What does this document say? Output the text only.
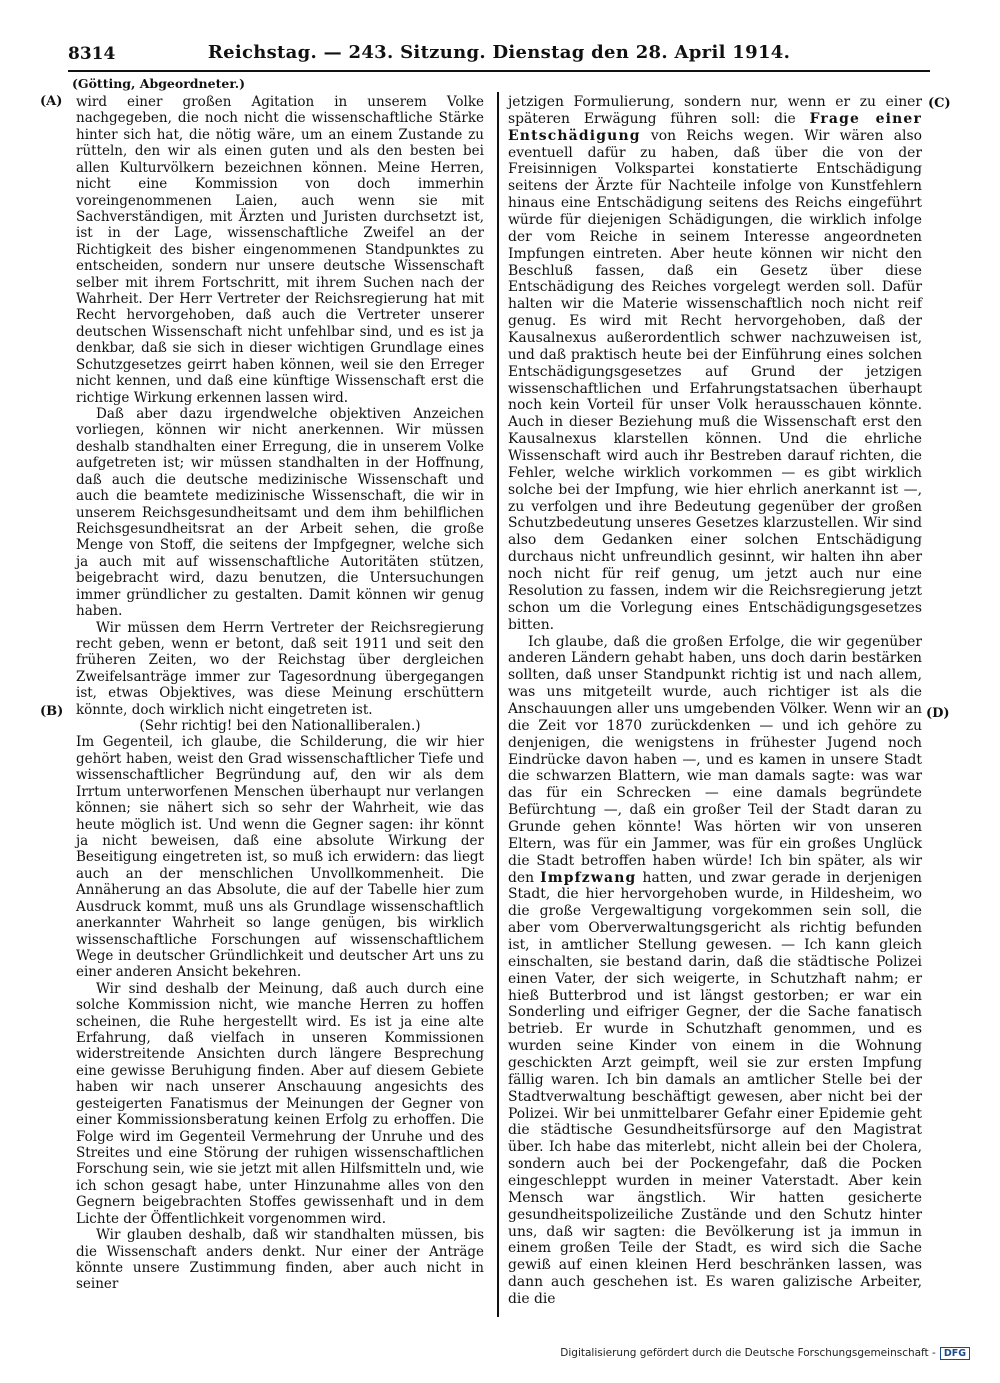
8314	Reichstag. — 243. Sitzung. Dienstag den 28. April 1914.
(Götting, Abgeordneter.)
(A)
(B)
(C)
(D)

wird einer großen Agitation in unserem Volke nachgegeben, die noch nicht die wissenschaftliche Stärke hinter sich hat, die nötig wäre, um an einem Zustande zu rütteln, den wir als einen guten und als den besten bei allen Kulturvölkern bezeichnen können. Meine Herren, nicht eine Kommission von doch immerhin voreingenommenen Laien, auch wenn sie mit Sachverständigen, mit Ärzten und Juristen durchsetzt ist, ist in der Lage, wissenschaftliche Zweifel an der Richtigkeit des bisher eingenommenen Standpunktes zu entscheiden, sondern nur unsere deutsche Wissenschaft selber mit ihrem Fortschritt, mit ihrem Suchen nach der Wahrheit. Der Herr Vertreter der Reichsregierung hat mit Recht hervorgehoben, daß auch die Vertreter unserer deutschen Wissenschaft nicht unfehlbar sind, und es ist ja denkbar, daß sie sich in dieser wichtigen Grundlage eines Schutzgesetzes geirrt haben können, weil sie den Erreger nicht kennen, und daß eine künftige Wissenschaft erst die richtige Wirkung erkennen lassen wird.

Daß aber dazu irgendwelche objektiven Anzeichen vorliegen, können wir nicht anerkennen. Wir müssen deshalb standhalten einer Erregung, die in unserem Volke aufgetreten ist; wir müssen standhalten in der Hoffnung, daß auch die deutsche medizinische Wissenschaft und auch die beamtete medizinische Wissenschaft, die wir in unserem Reichsgesundheitsamt und dem ihm behilflichen Reichsgesundheitsrat an der Arbeit sehen, die große Menge von Stoff, die seitens der Impfgegner, welche sich ja auch mit auf wissenschaftliche Autoritäten stützen, beigebracht wird, dazu benutzen, die Untersuchungen immer gründlicher zu gestalten. Damit können wir genug haben.

Wir müssen dem Herrn Vertreter der Reichsregierung recht geben, wenn er betont, daß seit 1911 und seit den früheren Zeiten, wo der Reichstag über dergleichen Zweifelsanträge immer zur Tagesordnung übergegangen ist, etwas Objektives, was diese Meinung erschüttern könnte, doch wirklich nicht eingetreten ist.

(Sehr richtig! bei den Nationalliberalen.)

Im Gegenteil, ich glaube, die Schilderung, die wir hier gehört haben, weist den Grad wissenschaftlicher Tiefe und wissenschaftlicher Begründung auf, den wir als dem Irrtum unterworfenen Menschen überhaupt nur verlangen können; sie nähert sich so sehr der Wahrheit, wie das heute möglich ist. Und wenn die Gegner sagen: ihr könnt ja nicht beweisen, daß eine absolute Wirkung der Beseitigung eingetreten ist, so muß ich erwidern: das liegt auch an der menschlichen Unvollkommenheit. Die Annäherung an das Absolute, die auf der Tabelle hier zum Ausdruck kommt, muß uns als Grundlage wissenschaftlich anerkannter Wahrheit so lange genügen, bis wirklich wissenschaftliche Forschungen auf wissenschaftlichem Wege in deutscher Gründlichkeit und deutscher Art uns zu einer anderen Ansicht bekehren.

Wir sind deshalb der Meinung, daß auch durch eine solche Kommission nicht, wie manche Herren zu hoffen scheinen, die Ruhe hergestellt wird. Es ist ja eine alte Erfahrung, daß vielfach in unseren Kommissionen widerstreitende Ansichten durch längere Besprechung eine gewisse Beruhigung finden. Aber auf diesem Gebiete haben wir nach unserer Anschauung angesichts des gesteigerten Fanatismus der Meinungen der Gegner von einer Kommissionsberatung keinen Erfolg zu erhoffen. Die Folge wird im Gegenteil Vermehrung der Unruhe und des Streites und eine Störung der ruhigen wissenschaftlichen Forschung sein, wie sie jetzt mit allen Hilfsmitteln und, wie ich schon gesagt habe, unter Hinzunahme alles von den Gegnern beigebrachten Stoffes gewissenhaft und in dem Lichte der Öffentlichkeit vorgenommen wird.

Wir glauben deshalb, daß wir standhalten müssen, bis die Wissenschaft anders denkt. Nur einer der Anträge könnte unsere Zustimmung finden, aber auch nicht in seiner

jetzigen Formulierung, sondern nur, wenn er zu einer späteren Erwägung führen soll: die Frage einer Entschädigung von Reichs wegen. Wir wären also eventuell dafür zu haben, daß über die von der Freisinnigen Volkspartei konstatierte Entschädigung seitens der Ärzte für Nachteile infolge von Kunstfehlern hinaus eine Entschädigung seitens des Reichs eingeführt würde für diejenigen Schädigungen, die wirklich infolge der vom Reiche in seinem Interesse angeordneten Impfungen eintreten. Aber heute können wir nicht den Beschluß fassen, daß ein Gesetz über diese Entschädigung des Reiches vorgelegt werden soll. Dafür halten wir die Materie wissenschaftlich noch nicht reif genug. Es wird mit Recht hervorgehoben, daß der Kausalnexus außerordentlich schwer nachzuweisen ist, und daß praktisch heute bei der Einführung eines solchen Entschädigungsgesetzes auf Grund der jetzigen wissenschaftlichen und Erfahrungstatsachen überhaupt noch kein Vorteil für unser Volk herausschauen könnte. Auch in dieser Beziehung muß die Wissenschaft erst den Kausalnexus klarstellen können. Und die ehrliche Wissenschaft wird auch ihr Bestreben darauf richten, die Fehler, welche wirklich vorkommen — es gibt wirklich solche bei der Impfung, wie hier ehrlich anerkannt ist —, zu verfolgen und ihre Bedeutung gegenüber der großen Schutzbedeutung unseres Gesetzes klarzustellen. Wir sind also dem Gedanken einer solchen Entschädigung durchaus nicht unfreundlich gesinnt, wir halten ihn aber noch nicht für reif genug, um jetzt auch nur eine Resolution zu fassen, indem wir die Reichsregierung jetzt schon um die Vorlegung eines Entschädigungsgesetzes bitten.

Ich glaube, daß die großen Erfolge, die wir gegenüber anderen Ländern gehabt haben, uns doch darin bestärken sollten, daß unser Standpunkt richtig ist und nach allem, was uns mitgeteilt wurde, auch richtiger ist als die Anschauungen aller uns umgebenden Völker. Wenn wir an die Zeit vor 1870 zurückdenken — und ich gehöre zu denjenigen, die wenigstens in frühester Jugend noch Eindrücke davon haben —, und es kamen in unsere Stadt die schwarzen Blattern, wie man damals sagte: was war das für ein Schrecken — eine damals begründete Befürchtung —, daß ein großer Teil der Stadt daran zu Grunde gehen könnte! Was hörten wir von unseren Eltern, was für ein Jammer, was für ein großes Unglück die Stadt betroffen haben würde! Ich bin später, als wir den Impfzwang hatten, und zwar gerade in derjenigen Stadt, die hier hervorgehoben wurde, in Hildesheim, wo die große Vergewaltigung vorgekommen sein soll, die aber vom Oberverwaltungsgericht als richtig befunden ist, in amtlicher Stellung gewesen. — Ich kann gleich einschalten, sie bestand darin, daß die städtische Polizei einen Vater, der sich weigerte, in Schutzhaft nahm; er hieß Butterbrod und ist längst gestorben; er war ein Sonderling und eifriger Gegner, der die Sache fanatisch betrieb. Er wurde in Schutzhaft genommen, und es wurden seine Kinder von einem in die Wohnung geschickten Arzt geimpft, weil sie zur ersten Impfung fällig waren. Ich bin damals an amtlicher Stelle bei der Stadtverwaltung beschäftigt gewesen, aber nicht bei der Polizei. Wir bei unmittelbarer Gefahr einer Epidemie geht die städtische Gesundheitsfürsorge auf den Magistrat über. Ich habe das miterlebt, nicht allein bei der Cholera, sondern auch bei der Pockengefahr, daß die Pocken eingeschleppt wurden in meiner Vaterstadt. Aber kein Mensch war ängstlich. Wir hatten gesicherte gesundheitspolizeiliche Zustände und den Schutz hinter uns, daß wir sagten: die Bevölkerung ist ja immun in einem großen Teile der Stadt, es wird sich die Sache gewiß auf einen kleinen Herd beschränken lassen, was dann auch geschehen ist. Es waren galizische Arbeiter, die die

Digitalisierung gefördert durch die Deutsche Forschungsgemeinschaft - DFG
